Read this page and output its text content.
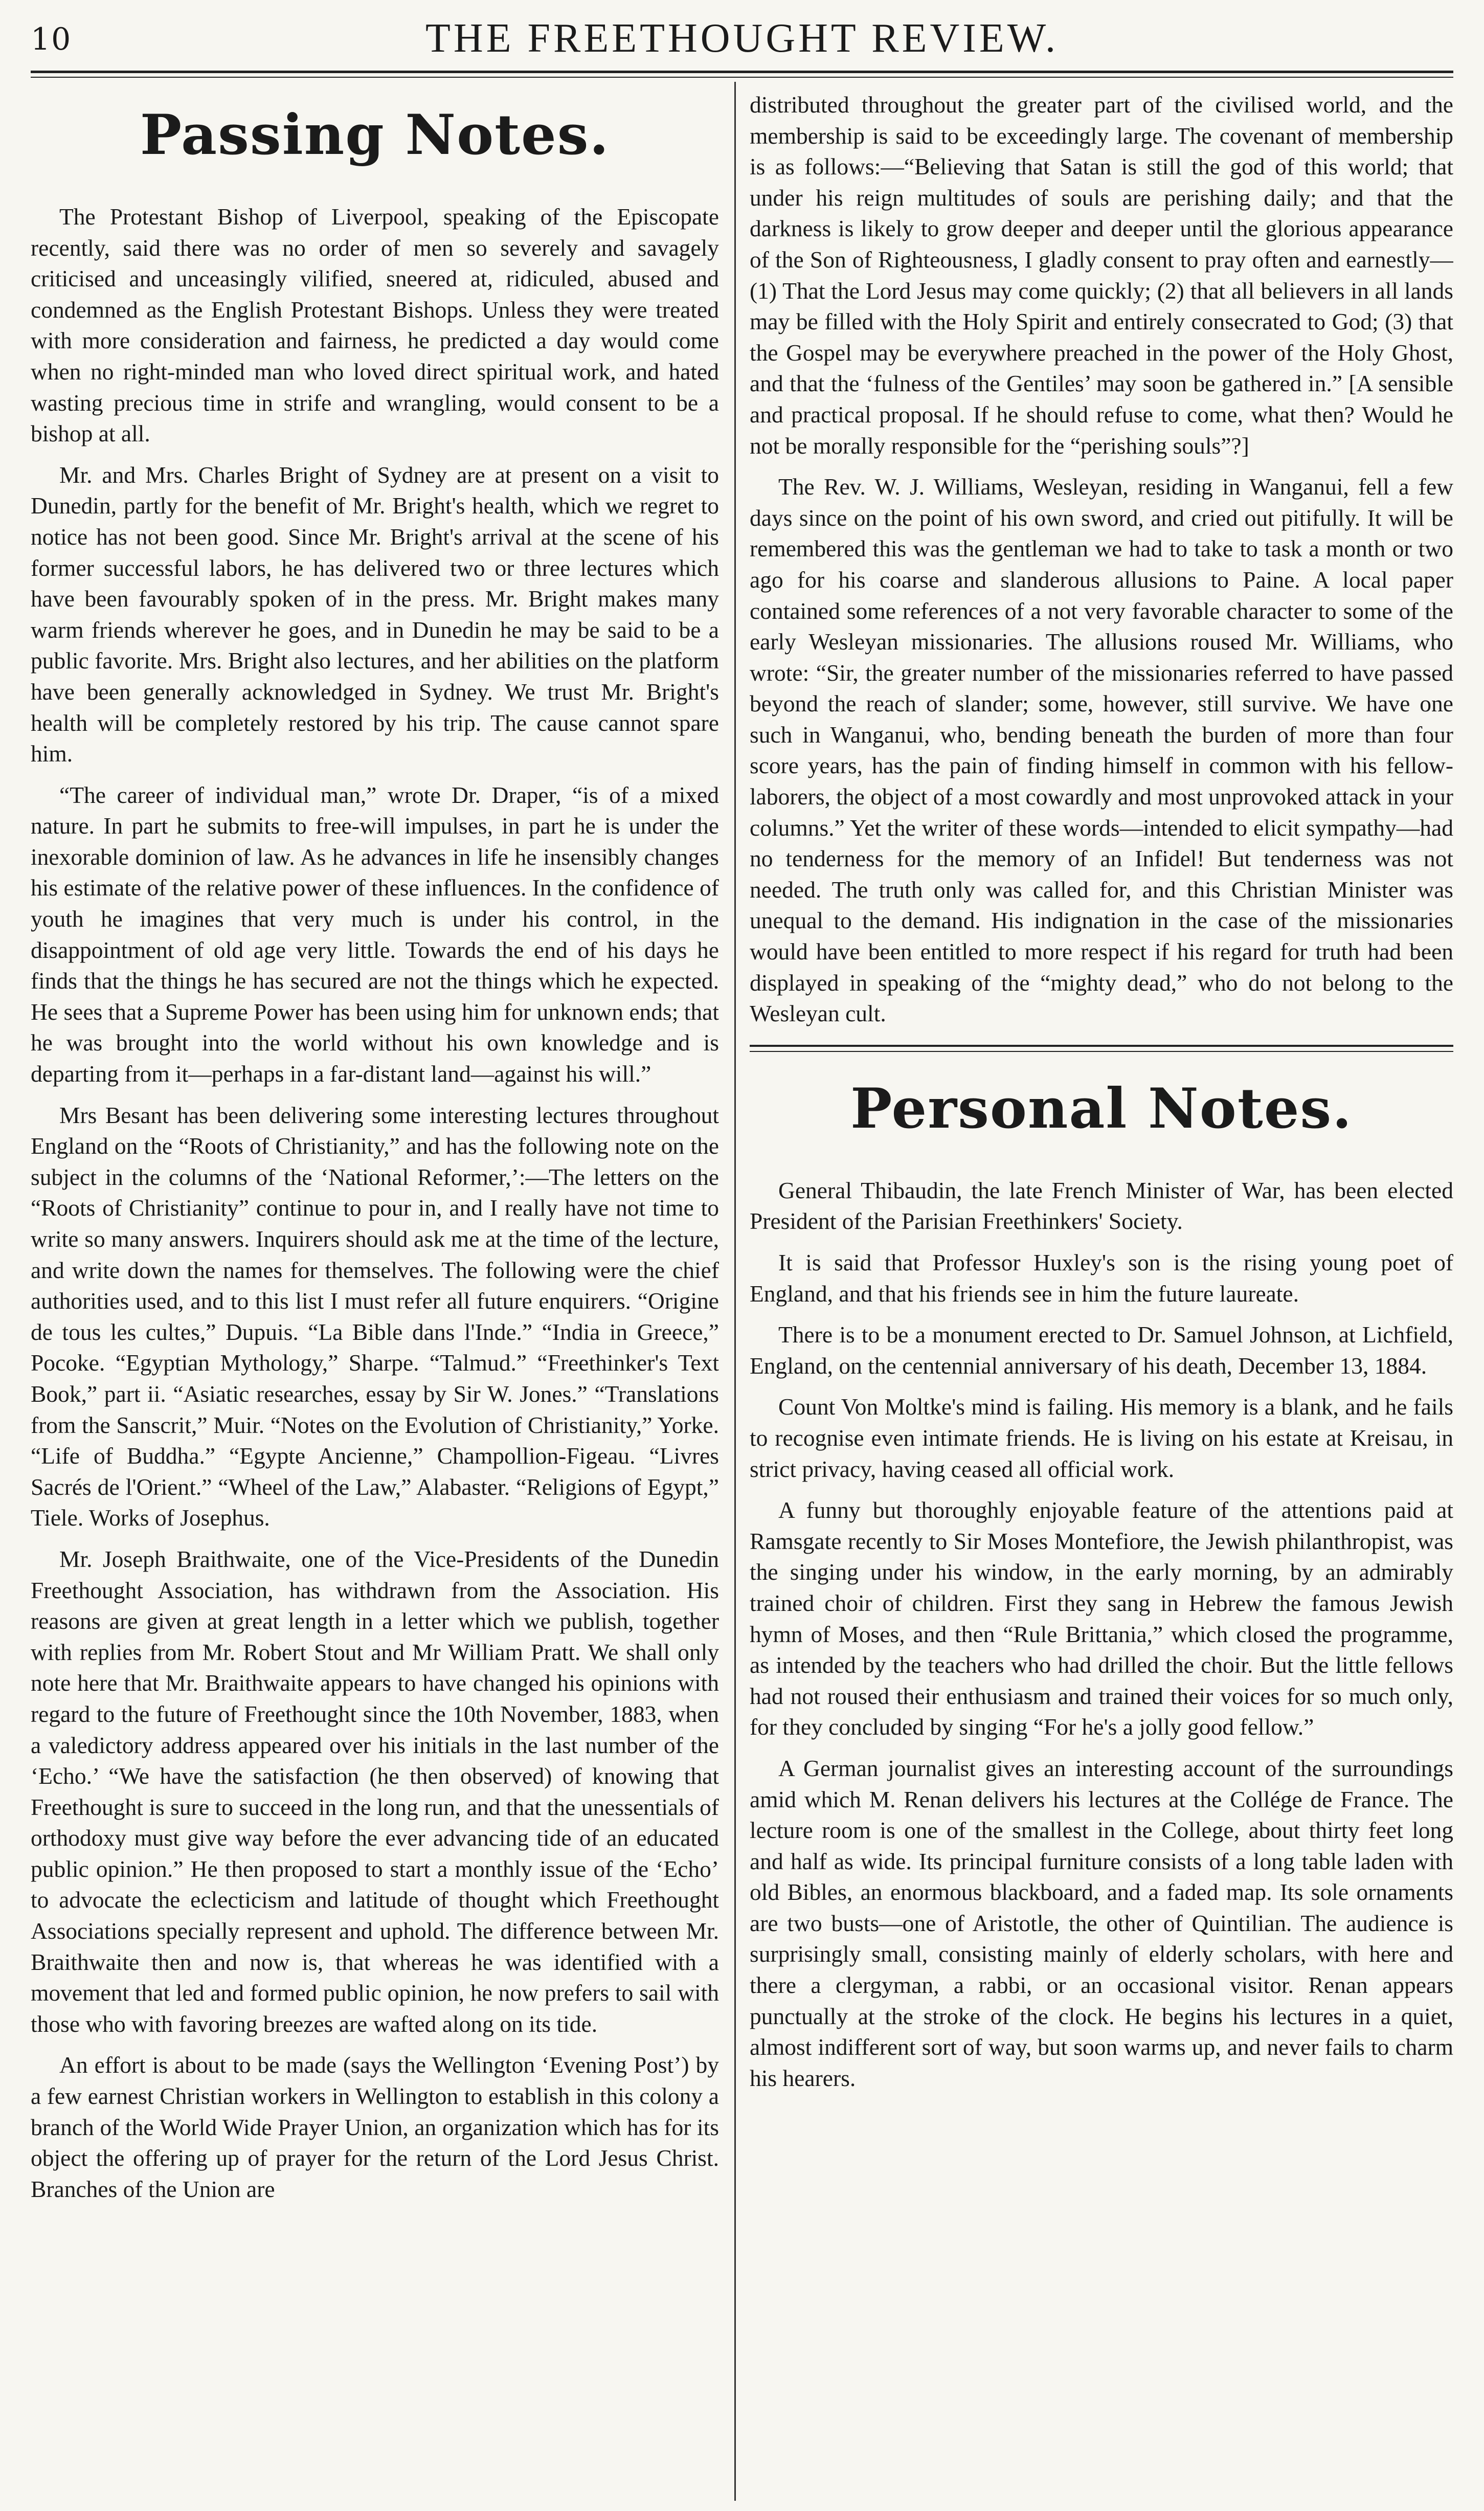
10	THE FREETHOUGHT REVIEW.
Passing Notes.

The Protestant Bishop of Liverpool, speaking of the Episcopate recently, said there was no order of men so severely and savagely criticised and unceasingly vilified, sneered at, ridiculed, abused and condemned as the English Protestant Bishops. Unless they were treated with more consideration and fairness, he predicted a day would come when no right-minded man who loved direct spiritual work, and hated wasting precious time in strife and wrangling, would consent to be a bishop at all.

Mr. and Mrs. Charles Bright of Sydney are at present on a visit to Dunedin, partly for the benefit of Mr. Bright's health, which we regret to notice has not been good. Since Mr. Bright's arrival at the scene of his former successful labors, he has delivered two or three lectures which have been favourably spoken of in the press. Mr. Bright makes many warm friends wherever he goes, and in Dunedin he may be said to be a public favorite. Mrs. Bright also lectures, and her abilities on the platform have been generally acknowledged in Sydney. We trust Mr. Bright's health will be completely restored by his trip. The cause cannot spare him.

“The career of individual man,” wrote Dr. Draper, “is of a mixed nature. In part he submits to free-will impulses, in part he is under the inexorable dominion of law. As he advances in life he insensibly changes his estimate of the relative power of these influences. In the confidence of youth he imagines that very much is under his control, in the disappointment of old age very little. Towards the end of his days he finds that the things he has secured are not the things which he expected. He sees that a Supreme Power has been using him for unknown ends; that he was brought into the world without his own knowledge and is departing from it—perhaps in a far-distant land—against his will.”

Mrs Besant has been delivering some interesting lectures throughout England on the “Roots of Christianity,” and has the following note on the subject in the columns of the ‘National Reformer,’:—The letters on the “Roots of Christianity” continue to pour in, and I really have not time to write so many answers. Inquirers should ask me at the time of the lecture, and write down the names for themselves. The following were the chief authorities used, and to this list I must refer all future enquirers. “Origine de tous les cultes,” Dupuis. “La Bible dans l'Inde.” “India in Greece,” Pocoke. “Egyptian Mythology,” Sharpe. “Talmud.” “Freethinker's Text Book,” part ii. “Asiatic researches, essay by Sir W. Jones.” “Translations from the Sanscrit,” Muir. “Notes on the Evolution of Christianity,” Yorke. “Life of Buddha.” “Egypte Ancienne,” Champollion-Figeau. “Livres Sacrés de l'Orient.” “Wheel of the Law,” Alabaster. “Religions of Egypt,” Tiele. Works of Josephus.

Mr. Joseph Braithwaite, one of the Vice-Presidents of the Dunedin Freethought Association, has withdrawn from the Association. His reasons are given at great length in a letter which we publish, together with replies from Mr. Robert Stout and Mr William Pratt. We shall only note here that Mr. Braithwaite appears to have changed his opinions with regard to the future of Freethought since the 10th November, 1883, when a valedictory address appeared over his initials in the last number of the ‘Echo.’ “We have the satisfaction (he then observed) of knowing that Freethought is sure to succeed in the long run, and that the unessentials of orthodoxy must give way before the ever advancing tide of an educated public opinion.” He then proposed to start a monthly issue of the ‘Echo’ to advocate the eclecticism and latitude of thought which Freethought Associations specially represent and uphold. The difference between Mr. Braithwaite then and now is, that whereas he was identified with a movement that led and formed public opinion, he now prefers to sail with those who with favoring breezes are wafted along on its tide.

An effort is about to be made (says the Wellington ‘Evening Post’) by a few earnest Christian workers in Wellington to establish in this colony a branch of the World Wide Prayer Union, an organization which has for its object the offering up of prayer for the return of the Lord Jesus Christ. Branches of the Union are

distributed throughout the greater part of the civilised world, and the membership is said to be exceedingly large. The covenant of membership is as follows:—“Believing that Satan is still the god of this world; that under his reign multitudes of souls are perishing daily; and that the darkness is likely to grow deeper and deeper until the glorious appearance of the Son of Righteousness, I gladly consent to pray often and earnestly—(1) That the Lord Jesus may come quickly; (2) that all believers in all lands may be filled with the Holy Spirit and entirely consecrated to God; (3) that the Gospel may be everywhere preached in the power of the Holy Ghost, and that the ‘fulness of the Gentiles’ may soon be gathered in.” [A sensible and practical proposal. If he should refuse to come, what then? Would he not be morally responsible for the “perishing souls”?]

The Rev. W. J. Williams, Wesleyan, residing in Wanganui, fell a few days since on the point of his own sword, and cried out pitifully. It will be remembered this was the gentleman we had to take to task a month or two ago for his coarse and slanderous allusions to Paine. A local paper contained some references of a not very favorable character to some of the early Wesleyan missionaries. The allusions roused Mr. Williams, who wrote: “Sir, the greater number of the missionaries referred to have passed beyond the reach of slander; some, however, still survive. We have one such in Wanganui, who, bending beneath the burden of more than four score years, has the pain of finding himself in common with his fellow-laborers, the object of a most cowardly and most unprovoked attack in your columns.” Yet the writer of these words—intended to elicit sympathy—had no tenderness for the memory of an Infidel! But tenderness was not needed. The truth only was called for, and this Christian Minister was unequal to the demand. His indignation in the case of the missionaries would have been entitled to more respect if his regard for truth had been displayed in speaking of the “mighty dead,” who do not belong to the Wesleyan cult.

Personal Notes.

General Thibaudin, the late French Minister of War, has been elected President of the Parisian Freethinkers' Society.

It is said that Professor Huxley's son is the rising young poet of England, and that his friends see in him the future laureate.

There is to be a monument erected to Dr. Samuel Johnson, at Lichfield, England, on the centennial anniversary of his death, December 13, 1884.

Count Von Moltke's mind is failing. His memory is a blank, and he fails to recognise even intimate friends. He is living on his estate at Kreisau, in strict privacy, having ceased all official work.

A funny but thoroughly enjoyable feature of the attentions paid at Ramsgate recently to Sir Moses Montefiore, the Jewish philanthropist, was the singing under his window, in the early morning, by an admirably trained choir of children. First they sang in Hebrew the famous Jewish hymn of Moses, and then “Rule Brittania,” which closed the programme, as intended by the teachers who had drilled the choir. But the little fellows had not roused their enthusiasm and trained their voices for so much only, for they concluded by singing “For he's a jolly good fellow.”

A German journalist gives an interesting account of the surroundings amid which M. Renan delivers his lectures at the Collége de France. The lecture room is one of the smallest in the College, about thirty feet long and half as wide. Its principal furniture consists of a long table laden with old Bibles, an enormous blackboard, and a faded map. Its sole ornaments are two busts—one of Aristotle, the other of Quintilian. The audience is surprisingly small, consisting mainly of elderly scholars, with here and there a clergyman, a rabbi, or an occasional visitor. Renan appears punctually at the stroke of the clock. He begins his lectures in a quiet, almost indifferent sort of way, but soon warms up, and never fails to charm his hearers.
